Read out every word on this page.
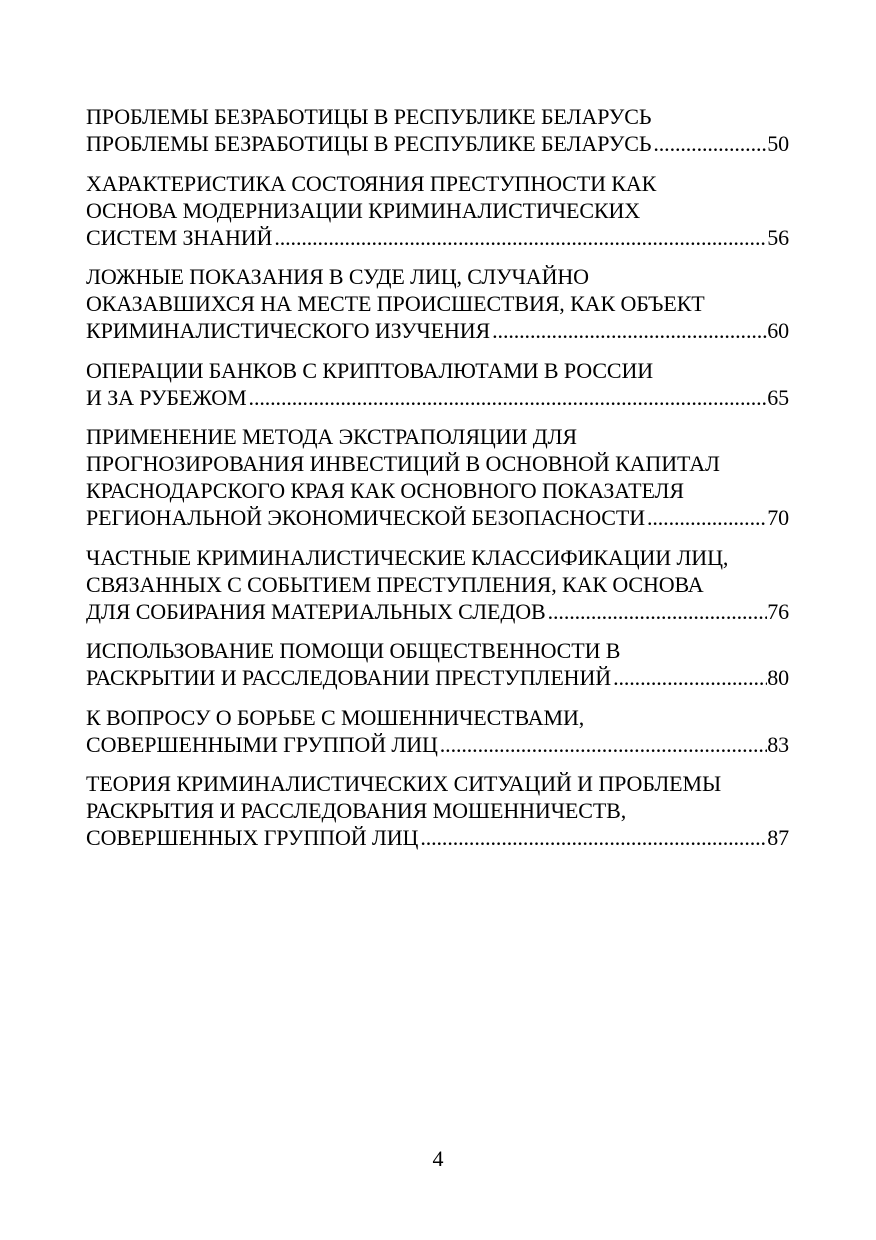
ПРОБЛЕМЫ БЕЗРАБОТИЦЫ В РЕСПУБЛИКЕ БЕЛАРУСЬ
ПРОБЛЕМЫ БЕЗРАБОТИЦЫ В РЕСПУБЛИКЕ БЕЛАРУСЬ .....	50
ХАРАКТЕРИСТИКА СОСТОЯНИЯ ПРЕСТУПНОСТИ КАК
ОСНОВА МОДЕРНИЗАЦИИ КРИМИНАЛИСТИЧЕСКИХ
СИСТЕМ ЗНАНИЙ .....	56
ЛОЖНЫЕ ПОКАЗАНИЯ В СУДЕ ЛИЦ, СЛУЧАЙНО
ОКАЗАВШИХСЯ НА МЕСТЕ ПРОИСШЕСТВИЯ, КАК ОБЪЕКТ
КРИМИНАЛИСТИЧЕСКОГО ИЗУЧЕНИЯ .....	60
ОПЕРАЦИИ БАНКОВ С КРИПТОВАЛЮТАМИ В РОССИИ
И ЗА РУБЕЖОМ .....	65
ПРИМЕНЕНИЕ МЕТОДА ЭКСТРАПОЛЯЦИИ ДЛЯ
ПРОГНОЗИРОВАНИЯ ИНВЕСТИЦИЙ В ОСНОВНОЙ КАПИТАЛ
КРАСНОДАРСКОГО КРАЯ КАК ОСНОВНОГО ПОКАЗАТЕЛЯ
РЕГИОНАЛЬНОЙ ЭКОНОМИЧЕСКОЙ БЕЗОПАСНОСТИ .....	70
ЧАСТНЫЕ КРИМИНАЛИСТИЧЕСКИЕ КЛАССИФИКАЦИИ ЛИЦ,
СВЯЗАННЫХ С СОБЫТИЕМ ПРЕСТУПЛЕНИЯ, КАК ОСНОВА
ДЛЯ СОБИРАНИЯ МАТЕРИАЛЬНЫХ СЛЕДОВ .....	76
ИСПОЛЬЗОВАНИЕ ПОМОЩИ ОБЩЕСТВЕННОСТИ В
РАСКРЫТИИ И РАССЛЕДОВАНИИ ПРЕСТУПЛЕНИЙ .....	80
К ВОПРОСУ О БОРЬБЕ С МОШЕННИЧЕСТВАМИ,
СОВЕРШЕННЫМИ ГРУППОЙ ЛИЦ .....	83
ТЕОРИЯ КРИМИНАЛИСТИЧЕСКИХ СИТУАЦИЙ И ПРОБЛЕМЫ
РАСКРЫТИЯ И РАССЛЕДОВАНИЯ МОШЕННИЧЕСТВ,
СОВЕРШЕННЫХ ГРУППОЙ ЛИЦ .....	87
4
